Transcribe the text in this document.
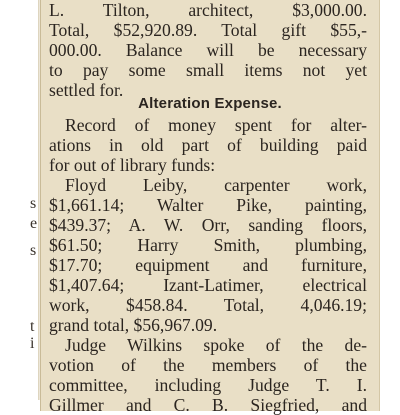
s
e
s
t
i
L. Tilton, architect, $3,000.00.
Total, $52,920.89. Total gift $55,-
000.00. Balance will be necessary
to pay some small items not yet
settled for.
Alteration Expense.
Record of money spent for alter-
ations in old part of building paid
for out of library funds:
Floyd Leiby, carpenter work,
$1,661.14; Walter Pike, painting,
$439.37; A. W. Orr, sanding floors,
$61.50; Harry Smith, plumbing,
$17.70; equipment and furniture,
$1,407.64; Izant-Latimer, electrical
work, $458.84. Total, 4,046.19;
grand total, $56,967.09.
Judge Wilkins spoke of the de-
votion of the members of the
committee, including Judge T. I.
Gillmer and C. B. Siegfried, and
